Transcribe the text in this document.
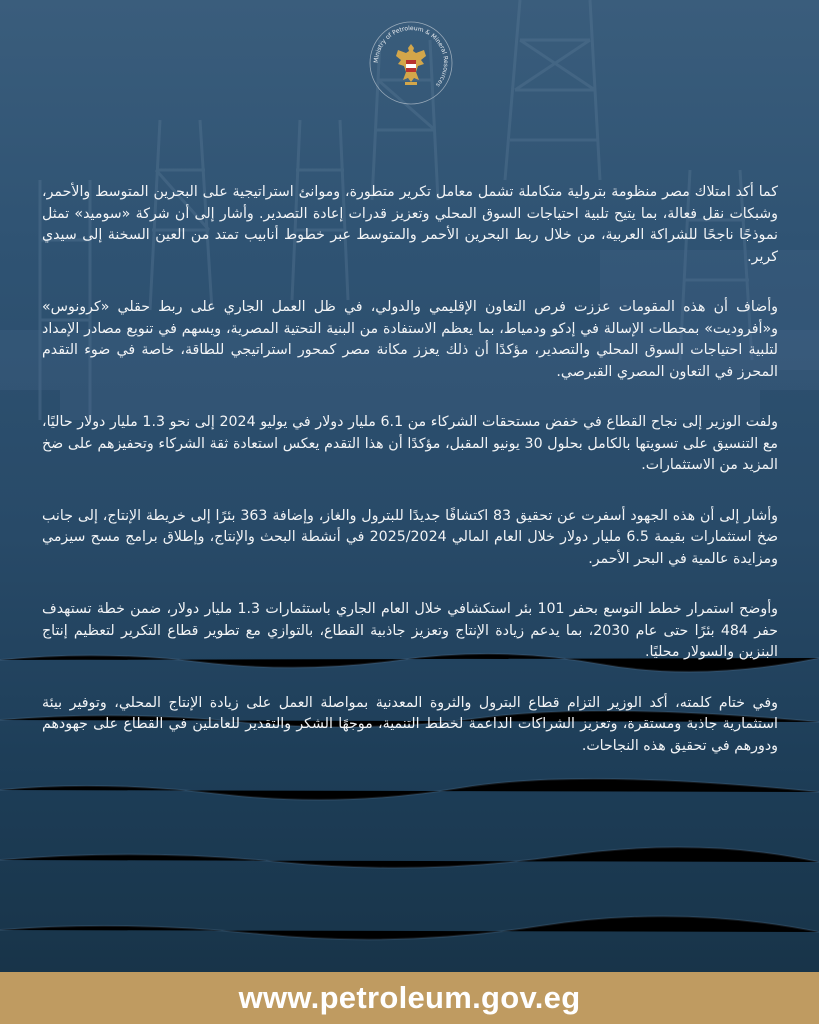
Ministry of Petroleum & Mineral Resources

كما أكد امتلاك مصر منظومة بترولية متكاملة تشمل معامل تكرير متطورة، وموانئ استراتيجية على البحرين المتوسط والأحمر، وشبكات نقل فعالة، بما يتيح تلبية احتياجات السوق المحلي وتعزيز قدرات إعادة التصدير. وأشار إلى أن شركة «سوميد» تمثل نموذجًا ناجحًا للشراكة العربية، من خلال ربط البحرين الأحمر والمتوسط عبر خطوط أنابيب تمتد من العين السخنة إلى سيدي كرير.

وأضاف أن هذه المقومات عززت فرص التعاون الإقليمي والدولي، في ظل العمل الجاري على ربط حقلي «كرونوس» و«أفروديت» بمحطات الإسالة في إدكو ودمياط، بما يعظم الاستفادة من البنية التحتية المصرية، ويسهم في تنويع مصادر الإمداد لتلبية احتياجات السوق المحلي والتصدير، مؤكدًا أن ذلك يعزز مكانة مصر كمحور استراتيجي للطاقة، خاصة في ضوء التقدم المحرز في التعاون المصري القبرصي.

ولفت الوزير إلى نجاح القطاع في خفض مستحقات الشركاء من 6.1 مليار دولار في يوليو 2024 إلى نحو 1.3 مليار دولار حاليًا، مع التنسيق على تسويتها بالكامل بحلول 30 يونيو المقبل، مؤكدًا أن هذا التقدم يعكس استعادة ثقة الشركاء وتحفيزهم على ضخ المزيد من الاستثمارات.

وأشار إلى أن هذه الجهود أسفرت عن تحقيق 83 اكتشافًا جديدًا للبترول والغاز، وإضافة 363 بئرًا إلى خريطة الإنتاج، إلى جانب ضخ استثمارات بقيمة 6.5 مليار دولار خلال العام المالي 2025/2024 في أنشطة البحث والإنتاج، وإطلاق برامج مسح سيزمي ومزايدة عالمية في البحر الأحمر.

وأوضح استمرار خطط التوسع بحفر 101 بئر استكشافي خلال العام الجاري باستثمارات 1.3 مليار دولار، ضمن خطة تستهدف حفر 484 بئرًا حتى عام 2030، بما يدعم زيادة الإنتاج وتعزيز جاذبية القطاع، بالتوازي مع تطوير قطاع التكرير لتعظيم إنتاج البنزين والسولار محليًا.

وفي ختام كلمته، أكد الوزير التزام قطاع البترول والثروة المعدنية بمواصلة العمل على زيادة الإنتاج المحلي، وتوفير بيئة استثمارية جاذبة ومستقرة، وتعزيز الشراكات الداعمة لخطط التنمية، موجهًا الشكر والتقدير للعاملين في القطاع على جهودهم ودورهم في تحقيق هذه النجاحات.

www.petroleum.gov.eg
